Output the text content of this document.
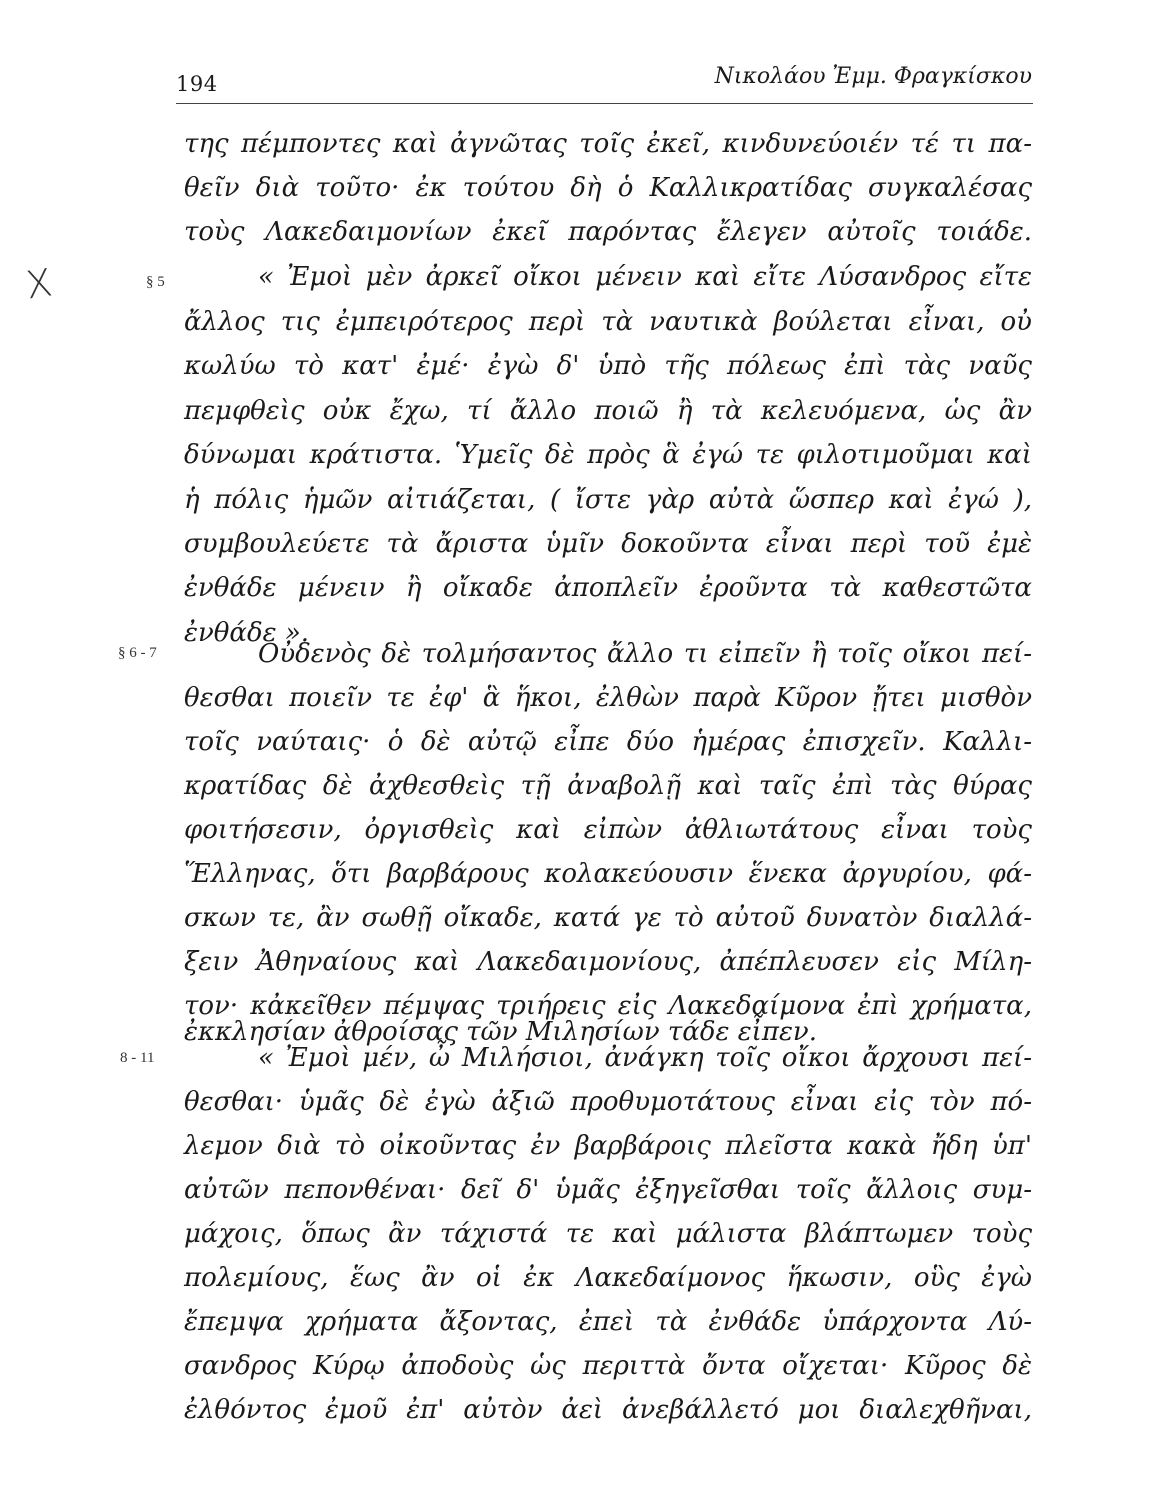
194	Νικολάου Ἐμμ. Φραγκίσκου
X	§ 5
§ 6 - 7
8 - 11
της πέμποντες καὶ ἀγνῶτας τοῖς ἐκεῖ, κινδυνεύοιέν τέ τι πα-
θεῖν διὰ τοῦτο· ἐκ τούτου δὴ ὁ Καλλικρατίδας συγκαλέσας
τοὺς Λακεδαιμονίων ἐκεῖ παρόντας ἔλεγεν αὐτοῖς τοιάδε.
« Ἐμοὶ μὲν ἀρκεῖ οἴκοι μένειν καὶ εἴτε Λύσανδρος εἴτε
ἄλλος τις ἐμπειρότερος περὶ τὰ ναυτικὰ βούλεται εἶναι, οὐ
κωλύω τὸ κατ' ἐμέ· ἐγὼ δ' ὑπὸ τῆς πόλεως ἐπὶ τὰς ναῦς
πεμφθεὶς οὐκ ἔχω, τί ἄλλο ποιῶ ἢ τὰ κελευόμενα, ὡς ἂν
δύνωμαι κράτιστα. Ὑμεῖς δὲ πρὸς ἃ ἐγώ τε φιλοτιμοῦμαι καὶ
ἡ πόλις ἡμῶν αἰτιάζεται, ( ἴστε γὰρ αὐτὰ ὥσπερ καὶ ἐγώ ),
συμβουλεύετε τὰ ἄριστα ὑμῖν δοκοῦντα εἶναι περὶ τοῦ ἐμὲ
ἐνθάδε μένειν ἢ οἴκαδε ἀποπλεῖν ἐροῦντα τὰ καθεστῶτα
ἐνθάδε ».
Οὐδενὸς δὲ τολμήσαντος ἄλλο τι εἰπεῖν ἢ τοῖς οἴκοι πεί-
θεσθαι ποιεῖν τε ἐφ' ἃ ἥκοι, ἐλθὼν παρὰ Κῦρον ᾔτει μισθὸν
τοῖς ναύταις· ὁ δὲ αὐτῷ εἶπε δύο ἡμέρας ἐπισχεῖν. Καλλι-
κρατίδας δὲ ἀχθεσθεὶς τῇ ἀναβολῇ καὶ ταῖς ἐπὶ τὰς θύρας
φοιτήσεσιν, ὀργισθεὶς καὶ εἰπὼν ἀθλιωτάτους εἶναι τοὺς
Ἕλληνας, ὅτι βαρβάρους κολακεύουσιν ἕνεκα ἀργυρίου, φά-
σκων τε, ἂν σωθῇ οἴκαδε, κατά γε τὸ αὐτοῦ δυνατὸν διαλλά-
ξειν Ἀθηναίους καὶ Λακεδαιμονίους, ἀπέπλευσεν εἰς Μίλη-
τον· κἀκεῖθεν πέμψας τριήρεις εἰς Λακεδαίμονα ἐπὶ χρήματα,
ἐκκλησίαν ἀθροίσας τῶν Μιλησίων τάδε εἶπεν.
« Ἐμοὶ μέν, ὦ Μιλήσιοι, ἀνάγκη τοῖς οἴκοι ἄρχουσι πεί-
θεσθαι· ὑμᾶς δὲ ἐγὼ ἀξιῶ προθυμοτάτους εἶναι εἰς τὸν πό-
λεμον διὰ τὸ οἰκοῦντας ἐν βαρβάροις πλεῖστα κακὰ ἤδη ὑπ'
αὐτῶν πεπονθέναι· δεῖ δ' ὑμᾶς ἐξηγεῖσθαι τοῖς ἄλλοις συμ-
μάχοις, ὅπως ἂν τάχιστά τε καὶ μάλιστα βλάπτωμεν τοὺς
πολεμίους, ἕως ἂν οἱ ἐκ Λακεδαίμονος ἥκωσιν, οὓς ἐγὼ
ἔπεμψα χρήματα ἄξοντας, ἐπεὶ τὰ ἐνθάδε ὑπάρχοντα Λύ-
σανδρος Κύρῳ ἀποδοὺς ὡς περιττὰ ὄντα οἴχεται· Κῦρος δὲ
ἐλθόντος ἐμοῦ ἐπ' αὐτὸν ἀεὶ ἀνεβάλλετό μοι διαλεχθῆναι,
